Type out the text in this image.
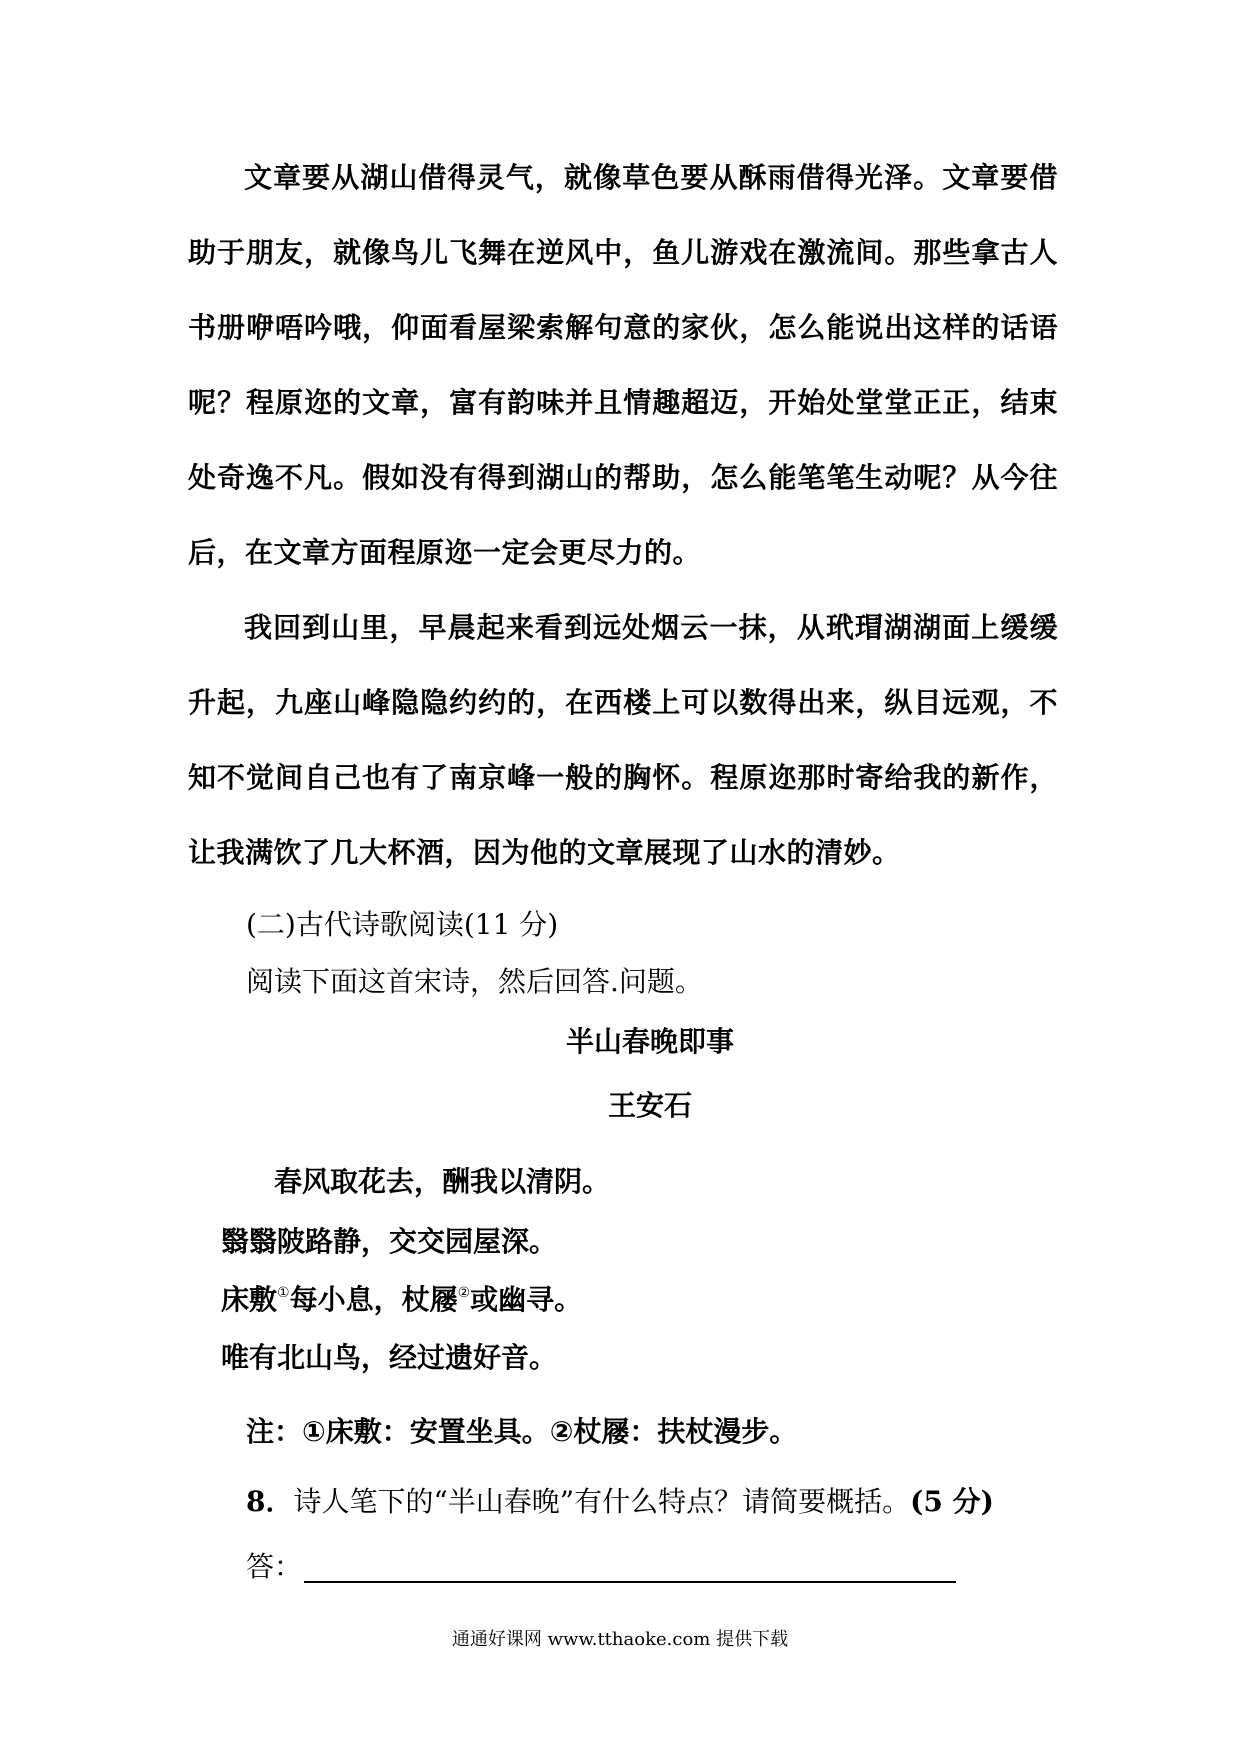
文章要从湖山借得灵气，就像草色要从酥雨借得光泽。文章要借助于朋友，就像鸟儿飞舞在逆风中，鱼儿游戏在激流间。那些拿古人书册咿唔吟哦，仰面看屋梁索解句意的家伙，怎么能说出这样的话语呢？程原迩的文章，富有韵味并且情趣超迈，开始处堂堂正正，结束处奇逸不凡。假如没有得到湖山的帮助，怎么能笔笔生动呢？从今往后，在文章方面程原迩一定会更尽力的。

我回到山里，早晨起来看到远处烟云一抹，从玳瑁湖湖面上缓缓升起，九座山峰隐隐约约的，在西楼上可以数得出来，纵目远观，不知不觉间自己也有了南京峰一般的胸怀。程原迩那时寄给我的新作，让我满饮了几大杯酒，因为他的文章展现了山水的清妙。

(二)古代诗歌阅读(11 分)
阅读下面这首宋诗，然后回答.问题。
半山春晚即事
王安石
春风取花去，酬我以清阴。
翳翳陂路静，交交园屋深。
床敷①每小息，杖屦②或幽寻。
唯有北山鸟，经过遗好音。
注：①床敷：安置坐具。②杖屦：扶杖漫步。
8．诗人笔下的“半山春晚”有什么特点？请简要概括。(5 分)
答：
通通好课网 www.tthaoke.com 提供下载
